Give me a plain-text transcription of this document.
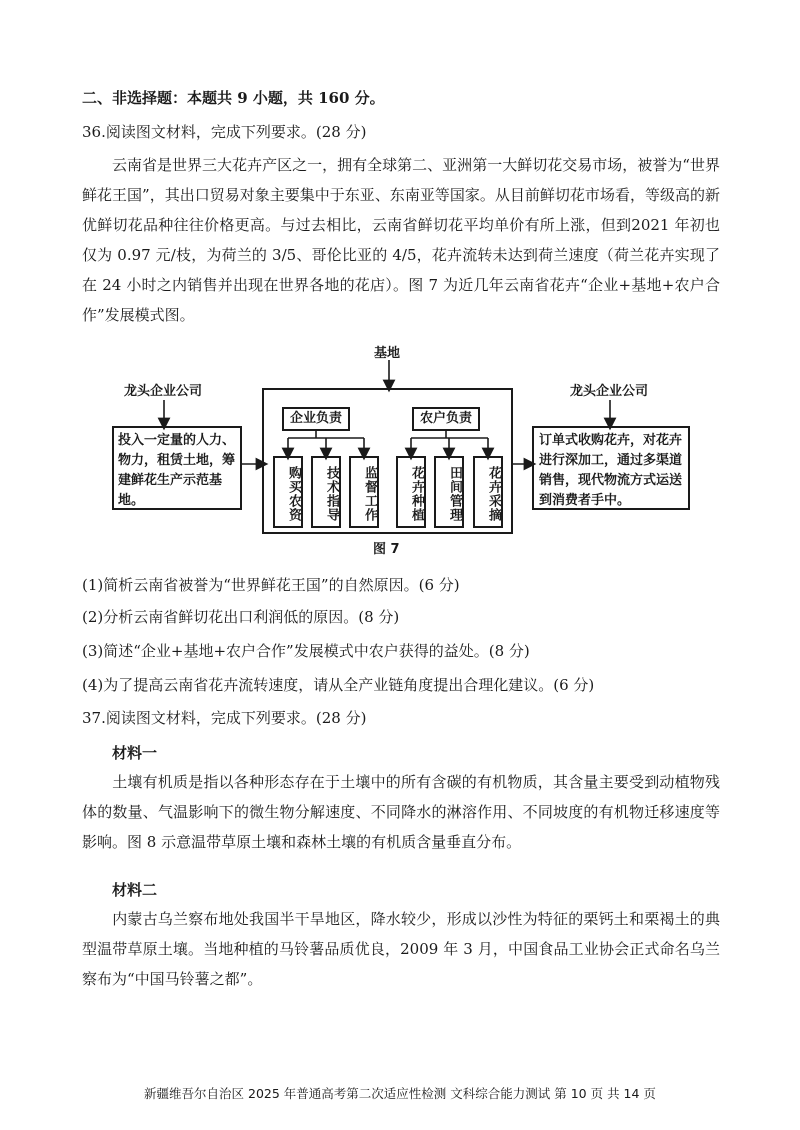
二、非选择题：本题共 9 小题，共 160 分。
36.阅读图文材料，完成下列要求。(28 分)
云南省是世界三大花卉产区之一，拥有全球第二、亚洲第一大鲜切花交易市场，被誉为“世界鲜花王国”，其出口贸易对象主要集中于东亚、东南亚等国家。从目前鲜切花市场看，等级高的新优鲜切花品种往往价格更高。与过去相比，云南省鲜切花平均单价有所上涨，但到2021 年初也仅为 0.97 元/枝，为荷兰的 3/5、哥伦比亚的 4/5，花卉流转未达到荷兰速度（荷兰花卉实现了在 24 小时之内销售并出现在世界各地的花店）。图 7 为近几年云南省花卉“企业+基地+农户合作”发展模式图。
基地
龙头企业公司	龙头企业公司
投入一定量的人力、物力，租赁土地，筹建鲜花生产示范基地。
企业负责	农户负责
购买农资	技术指导	监督工作	花卉种植	田间管理	花卉采摘
订单式收购花卉，对花卉进行深加工，通过多渠道销售，现代物流方式运送到消费者手中。
图 7
(1)简析云南省被誉为“世界鲜花王国”的自然原因。(6 分)
(2)分析云南省鲜切花出口利润低的原因。(8 分)
(3)简述“企业+基地+农户合作”发展模式中农户获得的益处。(8 分)
(4)为了提高云南省花卉流转速度，请从全产业链角度提出合理化建议。(6 分)
37.阅读图文材料，完成下列要求。(28 分)
材料一
土壤有机质是指以各种形态存在于土壤中的所有含碳的有机物质，其含量主要受到动植物残体的数量、气温影响下的微生物分解速度、不同降水的淋溶作用、不同坡度的有机物迁移速度等影响。图 8 示意温带草原土壤和森林土壤的有机质含量垂直分布。
材料二
内蒙古乌兰察布地处我国半干旱地区，降水较少，形成以沙性为特征的栗钙土和栗褐土的典型温带草原土壤。当地种植的马铃薯品质优良，2009 年 3 月，中国食品工业协会正式命名乌兰察布为“中国马铃薯之都”。
新疆维吾尔自治区 2025 年普通高考第二次适应性检测 文科综合能力测试 第 10 页 共 14 页
